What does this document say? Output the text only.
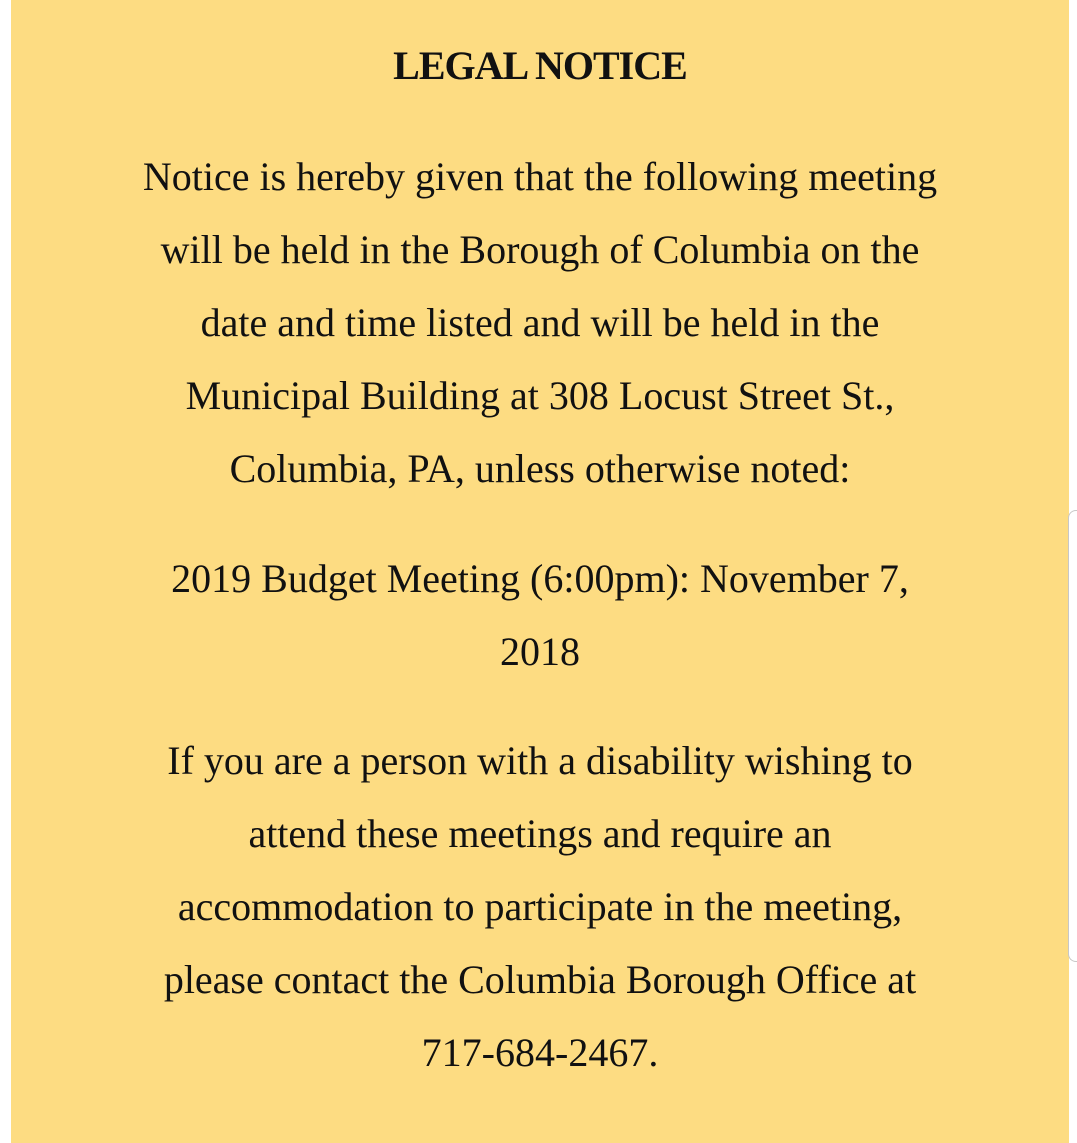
LEGAL NOTICE
Notice is hereby given that the following meeting
will be held in the Borough of Columbia on the
date and time listed and will be held in the
Municipal Building at 308 Locust Street St.,
Columbia, PA, unless otherwise noted:
2019 Budget Meeting (6:00pm): November 7,
2018
If you are a person with a disability wishing to
attend these meetings and require an
accommodation to participate in the meeting,
please contact the Columbia Borough Office at
717-684-2467.
